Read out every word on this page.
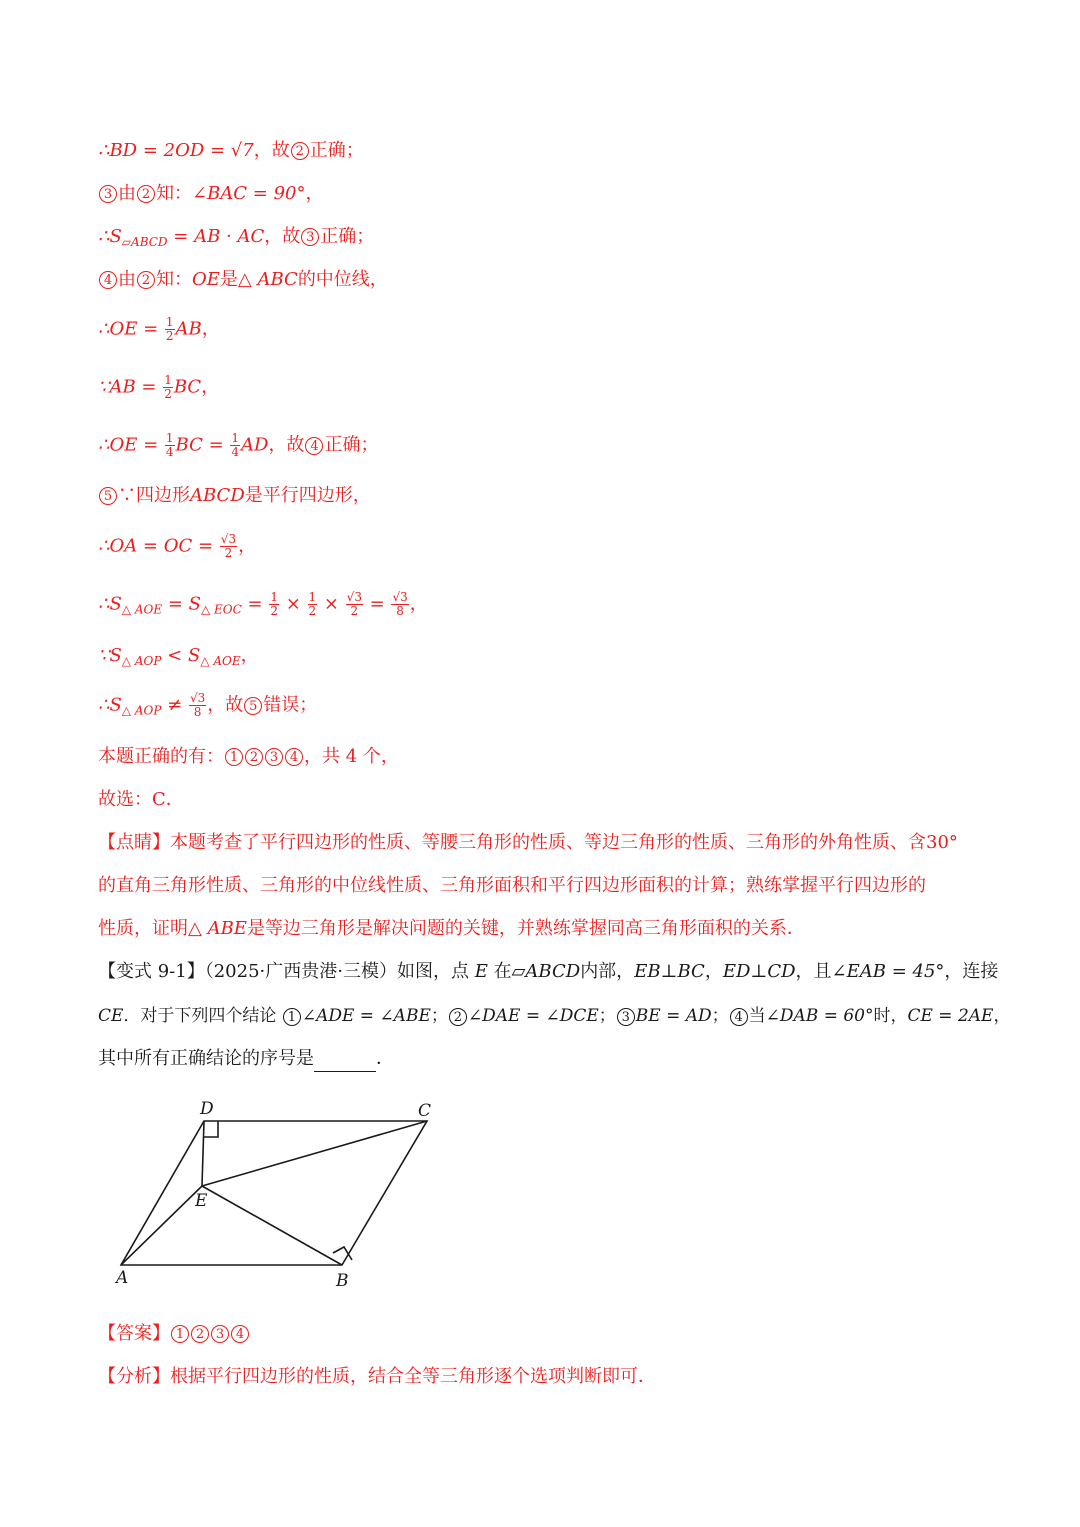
∴BD = 2OD = √7，故 2 正确；
3 由 2 知：∠BAC = 90°，
$\therefore S_{▱ABCD}$ = AB · AC，故 3 正确；
4 由 2 知：OE是△ ABC的中位线，
∴OE = $\frac{1}{2}$ AB，
∵AB = $\frac{1}{2}$ BC，
∴OE = $\frac{1}{4}$ BC = $\frac{1}{4}$ AD，故 4 正确；
5 ∵四边形ABCD是平行四边形，
∴OA = OC = $\frac{√3}{2}$ ，
$\therefore S_{\triangle AOE} = S_{\triangle EOC} = \frac{1}{2} \times \frac{1}{2} \times \frac{√3}{2} = \frac{√3}{8}$ ，
$\because S_{\triangle AOP} < S_{\triangle AOE}$，
$\therefore S_{\triangle AOP} \ne \frac{√3}{8}$ ，故 5 错误；
本题正确的有： 1 2 3 4 ，共 4 个，
故选：C．
【点睛】本题考查了平行四边形的性质、等腰三角形的性质、等边三角形的性质、三角形的外角性质、含30°
的直角三角形性质、三角形的中位线性质、三角形面积和平行四边形面积的计算；熟练掌握平行四边形的
性质，证明△ ABE是等边三角形是解决问题的关键，并熟练掌握同高三角形面积的关系．
【变式 9-1】（2025·广西贵港·三模）如图，点 E 在▱ABCD内部，EB⊥BC，ED⊥CD，且∠EAB = 45°，连接
CE．对于下列四个结论 1 ∠ADE = ∠ABE； 2 ∠DAE = ∠DCE； 3 BE = AD； 4 当∠DAB = 60°时，CE = 2AE，
其中所有正确结论的序号是	．
D	C
E
A	B
【答案】 1 2 3 4
【分析】根据平行四边形的性质，结合全等三角形逐个选项判断即可．
